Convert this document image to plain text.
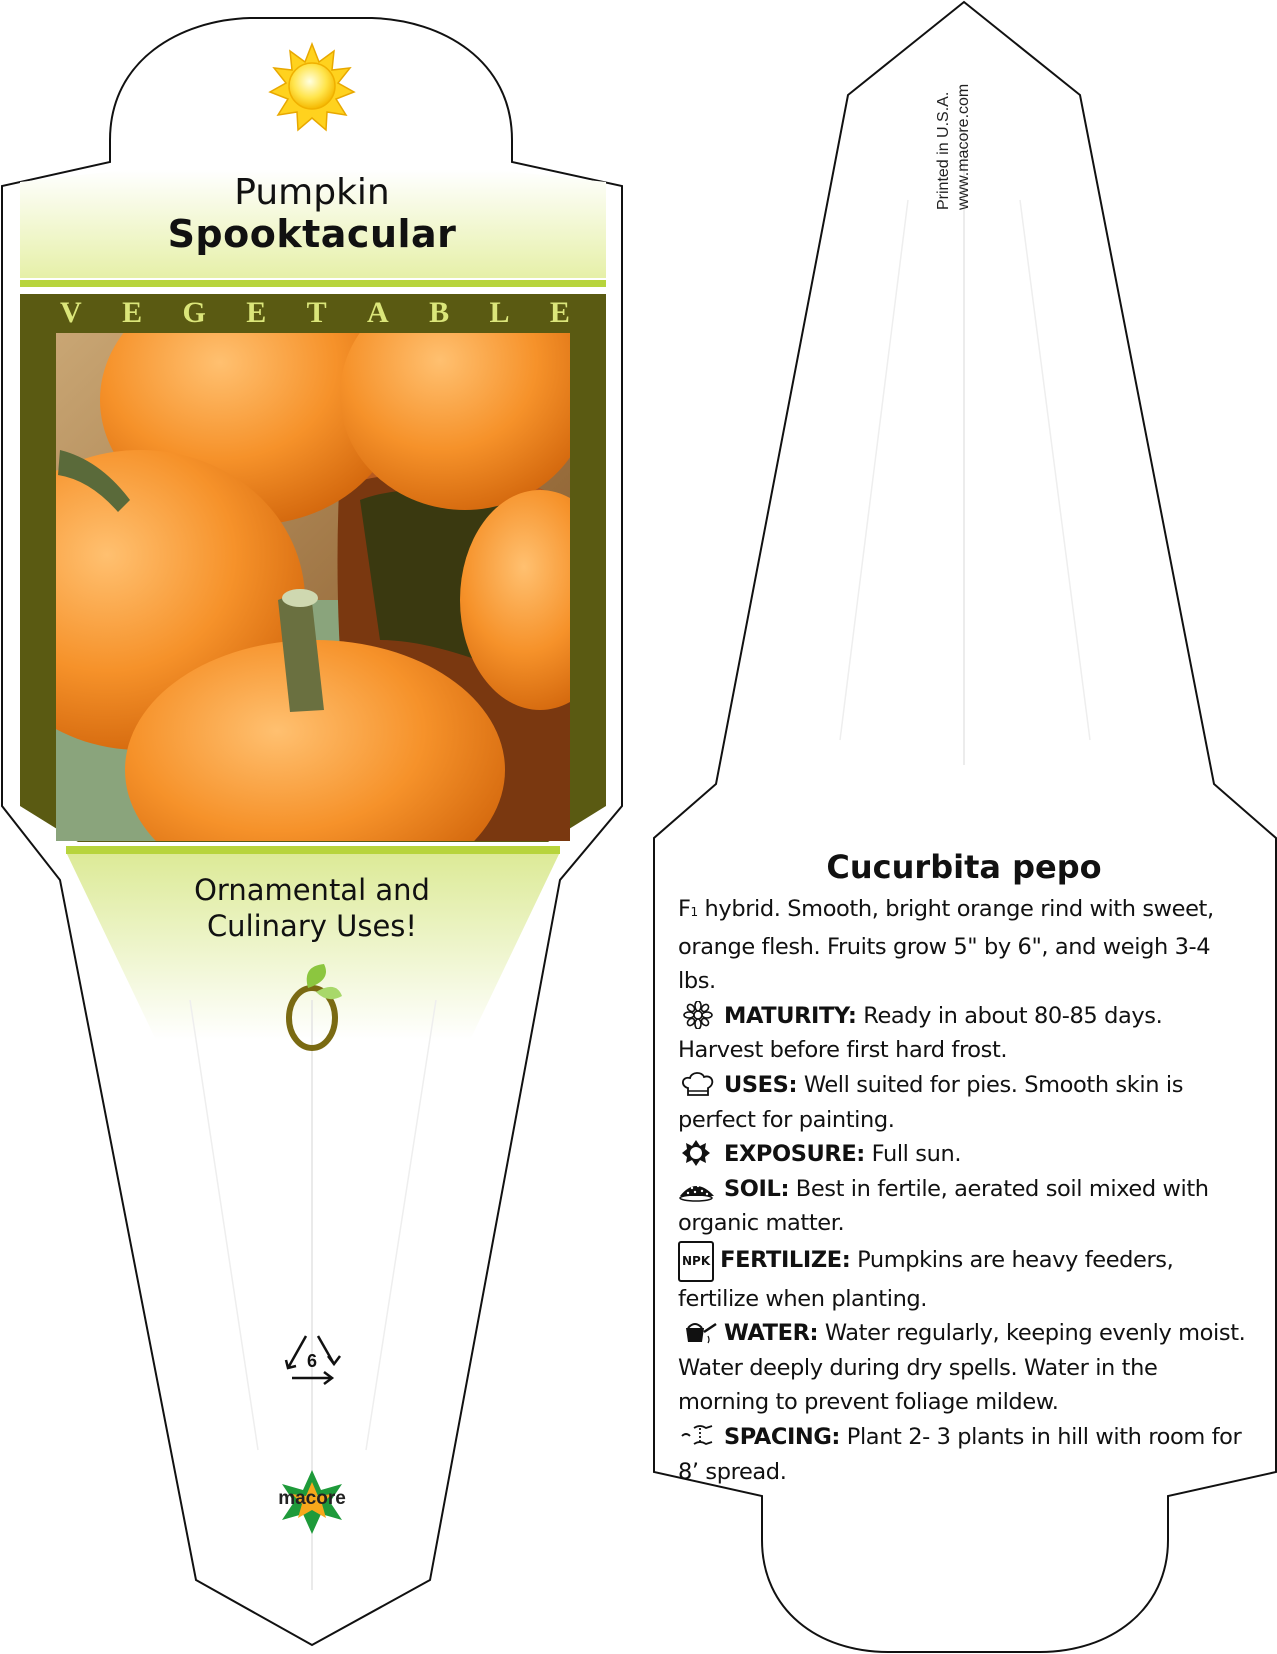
Pumpkin
Spooktacular
V E G E T A B L E
Ornamental and
Culinary Uses!
6
macore
Printed in U.S.A. www.macore.com
Cucurbita pepo

F1 hybrid. Smooth, bright orange rind with sweet, orange flesh. Fruits grow 5" by 6", and weigh 3-4 lbs.

MATURITY: Ready in about 80-85 days. Harvest before first hard frost.

USES: Well suited for pies. Smooth skin is perfect for painting.

EXPOSURE: Full sun.

SOIL: Best in fertile, aerated soil mixed with organic matter.

NPK FERTILIZE: Pumpkins are heavy feeders, fertilize when planting.

WATER: Water regularly, keeping evenly moist. Water deeply during dry spells. Water in the morning to prevent foliage mildew.

SPACING: Plant 2- 3 plants in hill with room for 8’ spread.
